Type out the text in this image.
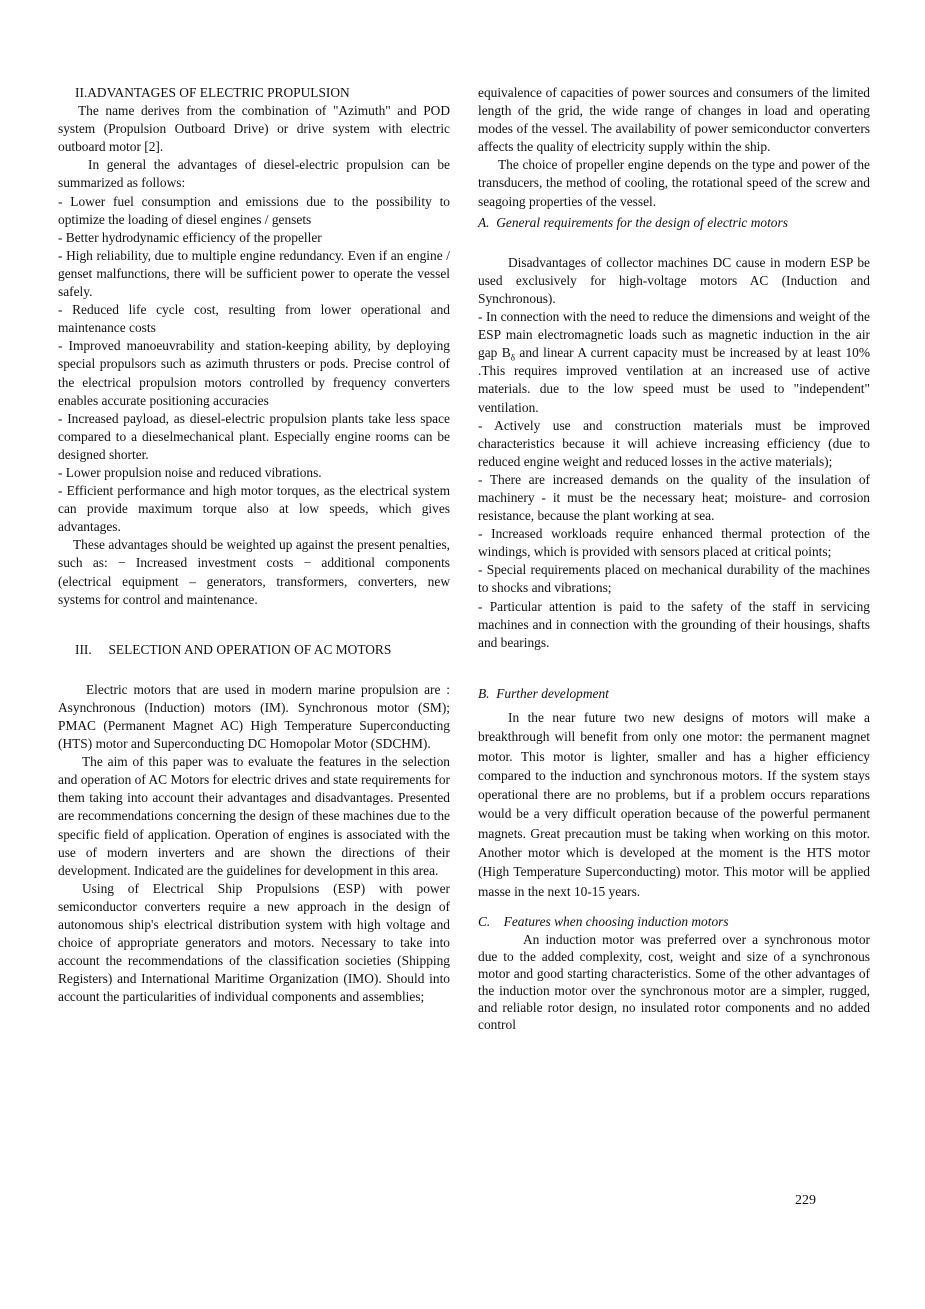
II.ADVANTAGES OF ELECTRIC PROPULSION

The name derives from the combination of "Azimuth" and POD system (Propulsion Outboard Drive) or drive system with electric outboard motor [2].

In general the advantages of diesel-electric propulsion can be summarized as follows:

- Lower fuel consumption and emissions due to the possibility to optimize the loading of diesel engines / gensets

- Better hydrodynamic efficiency of the propeller

- High reliability, due to multiple engine redundancy. Even if an engine / genset malfunctions, there will be sufficient power to operate the vessel safely.

- Reduced life cycle cost, resulting from lower operational and maintenance costs

- Improved manoeuvrability and station-keeping ability, by deploying special propulsors such as azimuth thrusters or pods. Precise control of the electrical propulsion motors controlled by frequency converters enables accurate positioning accuracies

- Increased payload, as diesel-electric propulsion plants take less space compared to a dieselmechanical plant. Especially engine rooms can be designed shorter.

- Lower propulsion noise and reduced vibrations.

- Efficient performance and high motor torques, as the electrical system can provide maximum torque also at low speeds, which gives advantages.

These advantages should be weighted up against the present penalties, such as: − Increased investment costs − additional components (electrical equipment – generators, transformers, converters, new systems for control and maintenance.

III.     SELECTION AND OPERATION OF AC MOTORS

Electric motors that are used in modern marine propulsion are : Asynchronous (Induction) motors (IM). Synchronous motor (SM); PMAC (Permanent Magnet AC) High Temperature Superconducting (HTS) motor and Superconducting DC Homopolar Motor (SDCHM).

The aim of this paper was to evaluate the features in the selection and operation of AC Motors for electric drives and state requirements for them taking into account their advantages and disadvantages. Presented are recommendations concerning the design of these machines due to the specific field of application. Operation of engines is associated with the use of modern inverters and are shown the directions of their development. Indicated are the guidelines for development in this area.

Using of Electrical Ship Propulsions (ESP) with power semiconductor converters require a new approach in the design of autonomous ship's electrical distribution system with high voltage and choice of appropriate generators and motors. Necessary to take into account the recommendations of the classification societies (Shipping Registers) and International Maritime Organization (IMO). Should into account the particularities of individual components and assemblies;

equivalence of capacities of power sources and consumers of the limited length of the grid, the wide range of changes in load and operating modes of the vessel. The availability of power semiconductor converters affects the quality of electricity supply within the ship.

The choice of propeller engine depends on the type and power of the transducers, the method of cooling, the rotational speed of the screw and seagoing properties of the vessel.

A.  General requirements for the design of electric motors

Disadvantages of collector machines DC cause in modern ESP be used exclusively for high-voltage motors AC (Induction and Synchronous).

- In connection with the need to reduce the dimensions and weight of the ESP main electromagnetic loads such as magnetic induction in the air gap $B_\delta$ and linear A current capacity must be increased by at least 10% .This requires improved ventilation at an increased use of active materials. due to the low speed must be used to "independent" ventilation.

- Actively use and construction materials must be improved characteristics because it will achieve increasing efficiency (due to reduced engine weight and reduced losses in the active materials);

- There are increased demands on the quality of the insulation of machinery - it must be the necessary heat; moisture- and corrosion resistance, because the plant working at sea.

- Increased workloads require enhanced thermal protection of the windings, which is provided with sensors placed at critical points;

- Special requirements placed on mechanical durability of the machines to shocks and vibrations;

- Particular attention is paid to the safety of the staff in servicing machines and in connection with the grounding of their housings, shafts and bearings.

B.  Further development

In the near future two new designs of motors will make a breakthrough will benefit from only one motor: the permanent magnet motor. This motor is lighter, smaller and has a higher efficiency compared to the induction and synchronous motors. If the system stays operational there are no problems, but if a problem occurs reparations would be a very difficult operation because of the powerful permanent magnets. Great precaution must be taking when working on this motor. Another motor which is developed at the moment is the HTS motor (High Temperature Superconducting) motor. This motor will be applied masse in the next 10-15 years.

C.    Features when choosing induction motors

An induction motor was preferred over a synchronous motor due to the added complexity, cost, weight and size of a synchronous motor and good starting characteristics. Some of the other advantages of the induction motor over the synchronous motor are a simpler, rugged, and reliable rotor design, no insulated rotor components and no added control

229
